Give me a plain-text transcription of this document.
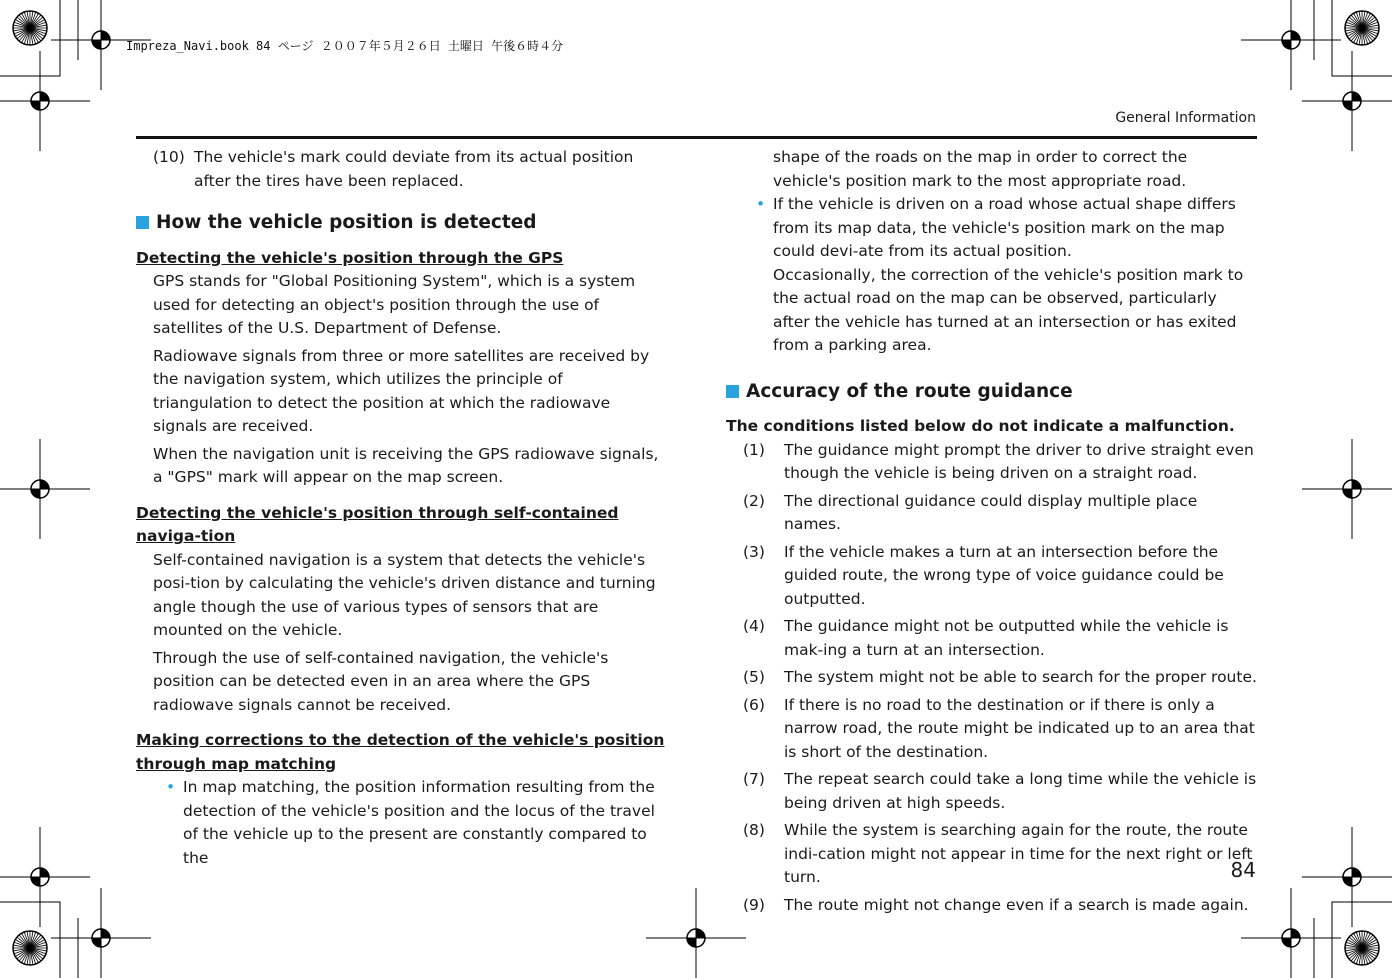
Impreza_Navi.book 84 ページ ２００７年５月２６日 土曜日 午後６時４分
General Information
(10) The vehicle's mark could deviate from its actual position after the tires have been replaced.
How the vehicle position is detected
Detecting the vehicle's position through the GPS
GPS stands for "Global Positioning System", which is a system used for detecting an object's position through the use of satellites of the U.S. Department of Defense.
Radiowave signals from three or more satellites are received by the navigation system, which utilizes the principle of triangulation to detect the position at which the radiowave signals are received.
When the navigation unit is receiving the GPS radiowave signals, a "GPS" mark will appear on the map screen.
Detecting the vehicle's position through self-contained naviga-tion
Self-contained navigation is a system that detects the vehicle's posi-tion by calculating the vehicle's driven distance and turning angle though the use of various types of sensors that are mounted on the vehicle.
Through the use of self-contained navigation, the vehicle's position can be detected even in an area where the GPS radiowave signals cannot be received.
Making corrections to the detection of the vehicle's position through map matching
• In map matching, the position information resulting from the detection of the vehicle's position and the locus of the travel of the vehicle up to the present are constantly compared to the
shape of the roads on the map in order to correct the vehicle's position mark to the most appropriate road.
• If the vehicle is driven on a road whose actual shape differs from its map data, the vehicle's position mark on the map could devi-ate from its actual position.
Occasionally, the correction of the vehicle's position mark to the actual road on the map can be observed, particularly after the vehicle has turned at an intersection or has exited from a parking area.
Accuracy of the route guidance
The conditions listed below do not indicate a malfunction.
(1)	The guidance might prompt the driver to drive straight even though the vehicle is being driven on a straight road.
(2)	The directional guidance could display multiple place names.
(3)	If the vehicle makes a turn at an intersection before the guided route, the wrong type of voice guidance could be outputted.
(4)	The guidance might not be outputted while the vehicle is mak-ing a turn at an intersection.
(5)	The system might not be able to search for the proper route.
(6)	If there is no road to the destination or if there is only a narrow road, the route might be indicated up to an area that is short of the destination.
(7)	The repeat search could take a long time while the vehicle is being driven at high speeds.
(8)	While the system is searching again for the route, the route indi-cation might not appear in time for the next right or left turn.
(9)	The route might not change even if a search is made again.
84
